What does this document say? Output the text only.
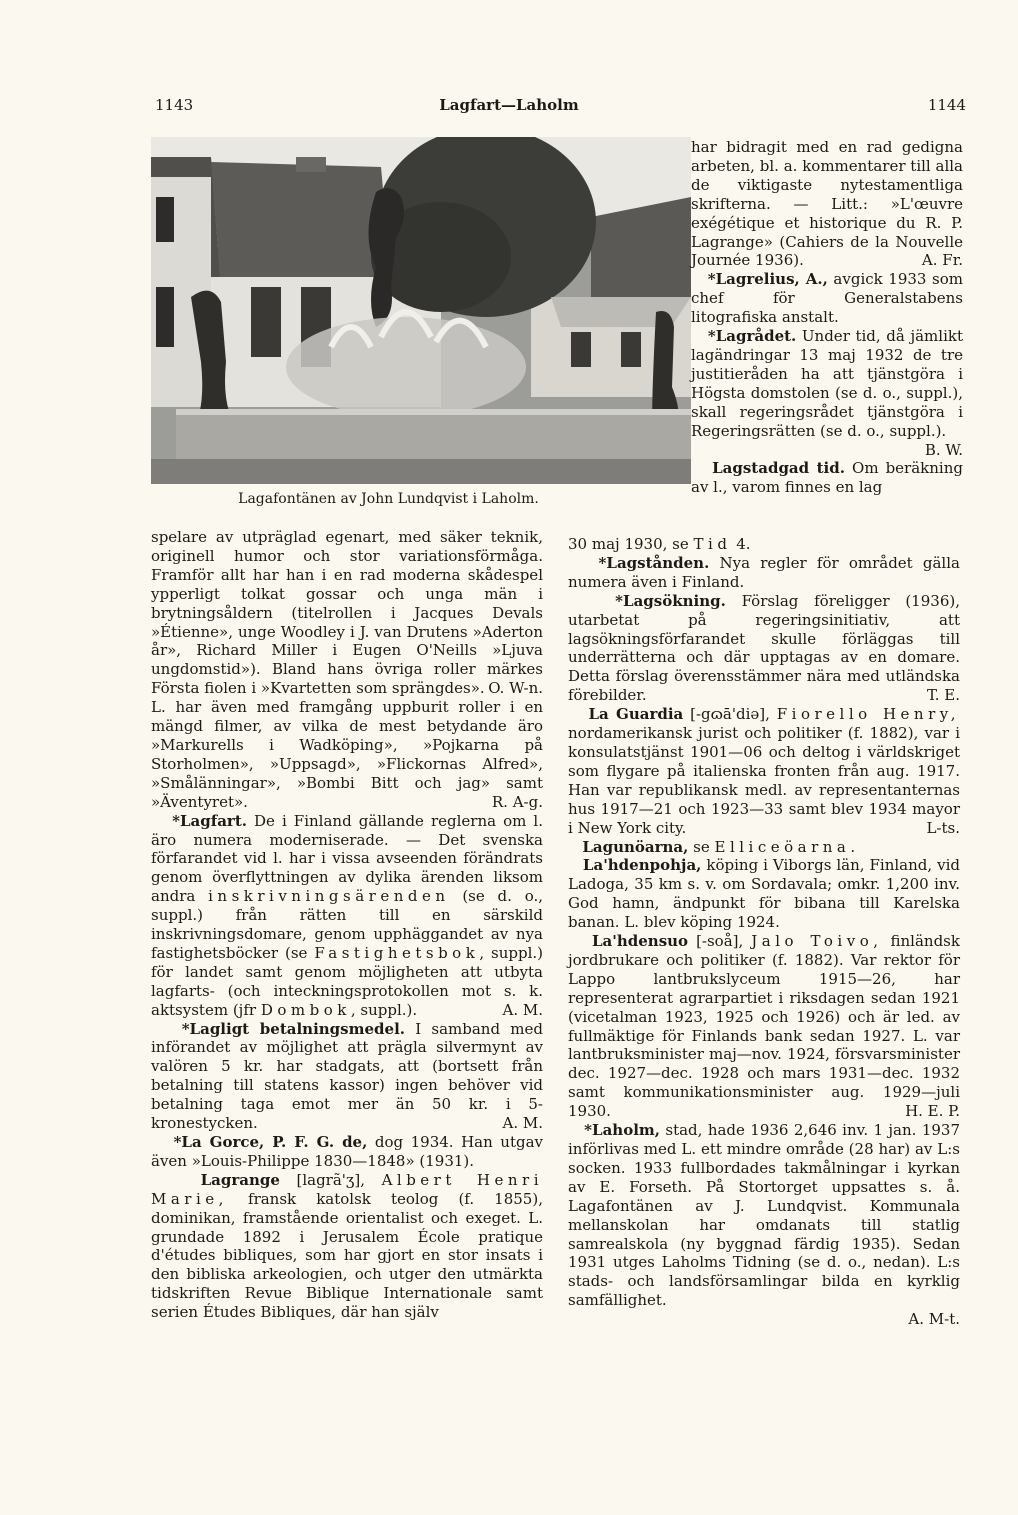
1143	Lagfart—Laholm	1144
Lagafontänen av John Lundqvist i Laholm.

spelare av utpräglad egenart, med säker teknik, originell humor och stor variationsförmåga. Framför allt har han i en rad moderna skådespel ypperligt tolkat gossar och unga män i brytningsåldern (titelrollen i Jacques Devals »Étienne», unge Woodley i J. van Drutens »Aderton år», Richard Miller i Eugen O'Neills »Ljuva ungdomstid»). Bland hans övriga roller märkes Första fiolen i »Kvartetten som sprängdes». O. W-n.

L. har även med framgång uppburit roller i en mängd filmer, av vilka de mest betydande äro »Markurells i Wadköping», »Pojkarna på Storholmen», »Uppsagd», »Flickornas Alfred», »Smålänningar», »Bombi Bitt och jag» samt »Äventyret».	R. A-g.

*Lagfart. De i Finland gällande reglerna om l. äro numera moderniserade. — Det svenska förfarandet vid l. har i vissa avseenden förändrats genom överflyttningen av dylika ärenden liksom andra inskrivningsärenden (se d. o., suppl.) från rätten till en särskild inskrivningsdomare, genom upphäggandet av nya fastighetsböcker (se Fastighetsbok, suppl.) för landet samt genom möjligheten att utbyta lagfarts- (och inteckningsprotokollen mot s. k. aktsystem (jfr Dombok, suppl.).	A. M.

*Lagligt betalningsmedel. I samband med införandet av möjlighet att prägla silvermynt av valören 5 kr. har stadgats, att (bortsett från betalning till statens kassor) ingen behöver vid betalning taga emot mer än 50 kr. i 5-kronestycken.	A. M.

*La Gorce, P. F. G. de, dog 1934. Han utgav även »Louis-Philippe 1830—1848» (1931).

Lagrange [lagrã'ʒ], Albert Henri Marie, fransk katolsk teolog (f. 1855), dominikan, framstående orientalist och exeget. L. grundade 1892 i Jerusalem École pratique d'études bibliques, som har gjort en stor insats i den bibliska arkeologien, och utger den utmärkta tidskriften Revue Biblique Internationale samt serien Études Bibliques, där han själv

har bidragit med en rad gedigna arbeten, bl. a. kommentarer till alla de viktigaste nytestamentliga skrifterna. — Litt.: »L'œuvre exégétique et historique du R. P. Lagrange» (Cahiers de la Nouvelle Journée 1936).	A. Fr.

*Lagrelius, A., avgick 1933 som chef för Generalstabens litografiska anstalt.

*Lagrådet. Under tid, då jämlikt lagändringar 13 maj 1932 de tre justitieråden ha att tjänstgöra i Högsta domstolen (se d. o., suppl.), skall regeringsrådet tjänstgöra i Regeringsrätten (se d. o., suppl.).
B. W.

Lagstadgad tid. Om beräkning av l., varom finnes en lag

30 maj 1930, se Tid 4.

*Lagstånden. Nya regler för området gälla numera även i Finland.

*Lagsökning. Förslag föreligger (1936), utarbetat på regeringsinitiativ, att lagsökningsförfarandet skulle förläggas till underrätterna och där upptagas av en domare. Detta förslag överensstämmer nära med utländska förebilder.	T. E.

La Guardia [-gɷā'diə], Fiorello Henry, nordamerikansk jurist och politiker (f. 1882), var i konsulatstjänst 1901—06 och deltog i världskriget som flygare på italienska fronten från aug. 1917. Han var republikansk medl. av representanternas hus 1917—21 och 1923—33 samt blev 1934 mayor i New York city.	L-ts.

Lagunöarna, se Elliceöarna.

La'hdenpohja, köping i Viborgs län, Finland, vid Ladoga, 35 km s. v. om Sordavala; omkr. 1,200 inv. God hamn, ändpunkt för bibana till Karelska banan. L. blev köping 1924.

La'hdensuo [-soå], Jalo Toivo, finländsk jordbrukare och politiker (f. 1882). Var rektor för Lappo lantbrukslyceum 1915—26, har representerat agrarpartiet i riksdagen sedan 1921 (vicetalman 1923, 1925 och 1926) och är led. av fullmäktige för Finlands bank sedan 1927. L. var lantbruksminister maj—nov. 1924, försvarsminister dec. 1927—dec. 1928 och mars 1931—dec. 1932 samt kommunikationsminister aug. 1929—juli 1930.	H. E. P.

*Laholm, stad, hade 1936 2,646 inv. 1 jan. 1937 införlivas med L. ett mindre område (28 har) av L:s socken. 1933 fullbordades takmålningar i kyrkan av E. Forseth. På Stortorget uppsattes s. å. Lagafontänen av J. Lundqvist. Kommunala mellanskolan har omdanats till statlig samrealskola (ny byggnad färdig 1935). Sedan 1931 utges Laholms Tidning (se d. o., nedan). L:s stads- och landsförsamlingar bilda en kyrklig samfällighet.

A. M-t.
